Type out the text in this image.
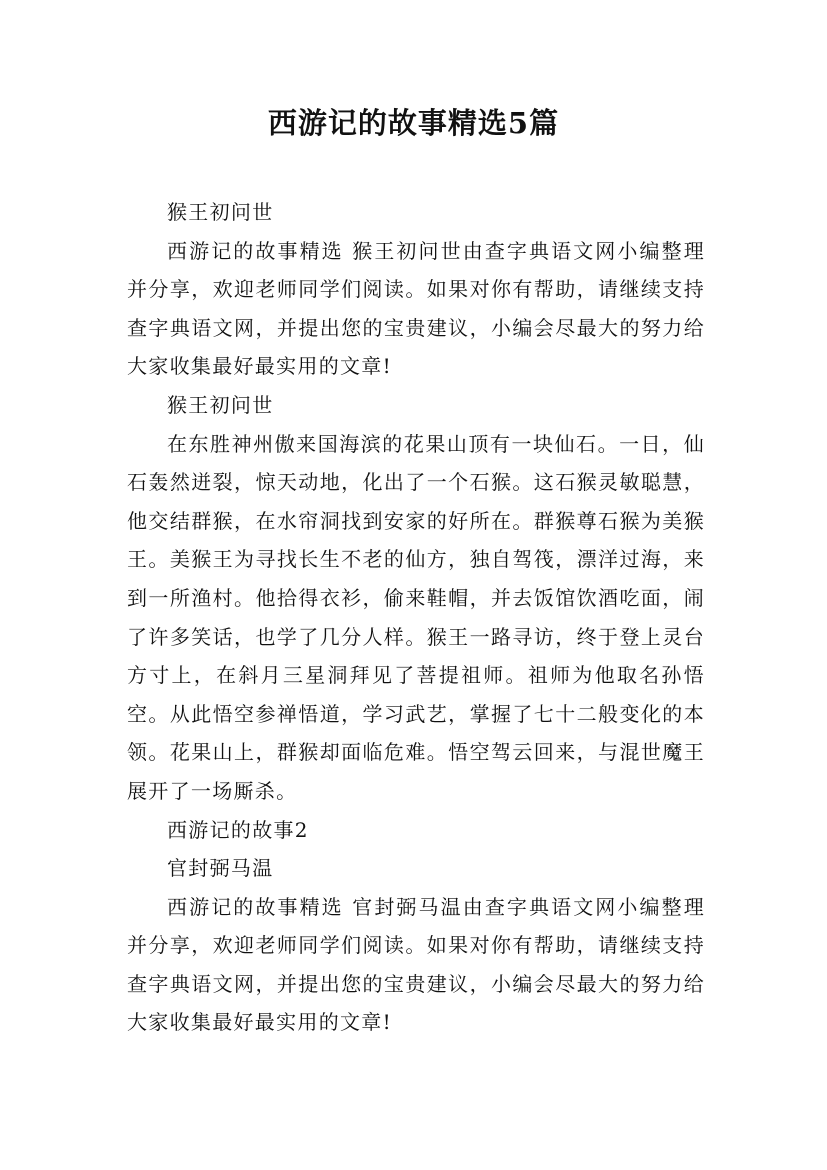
西游记的故事精选5篇

猴王初问世

西游记的故事精选 猴王初问世由查字典语文网小编整理并分享，欢迎老师同学们阅读。如果对你有帮助，请继续支持查字典语文网，并提出您的宝贵建议，小编会尽最大的努力给大家收集最好最实用的文章!

猴王初问世

在东胜神州傲来国海滨的花果山顶有一块仙石。一日，仙石轰然迸裂，惊天动地，化出了一个石猴。这石猴灵敏聪慧，他交结群猴，在水帘洞找到安家的好所在。群猴尊石猴为美猴王。美猴王为寻找长生不老的仙方，独自驾筏，漂洋过海，来到一所渔村。他拾得衣衫，偷来鞋帽，并去饭馆饮酒吃面，闹了许多笑话，也学了几分人样。猴王一路寻访，终于登上灵台方寸上，在斜月三星洞拜见了菩提祖师。祖师为他取名孙悟空。从此悟空参禅悟道，学习武艺，掌握了七十二般变化的本领。花果山上，群猴却面临危难。悟空驾云回来，与混世魔王展开了一场厮杀。

西游记的故事2

官封弼马温

西游记的故事精选 官封弼马温由查字典语文网小编整理并分享，欢迎老师同学们阅读。如果对你有帮助，请继续支持查字典语文网，并提出您的宝贵建议，小编会尽最大的努力给大家收集最好最实用的文章!
